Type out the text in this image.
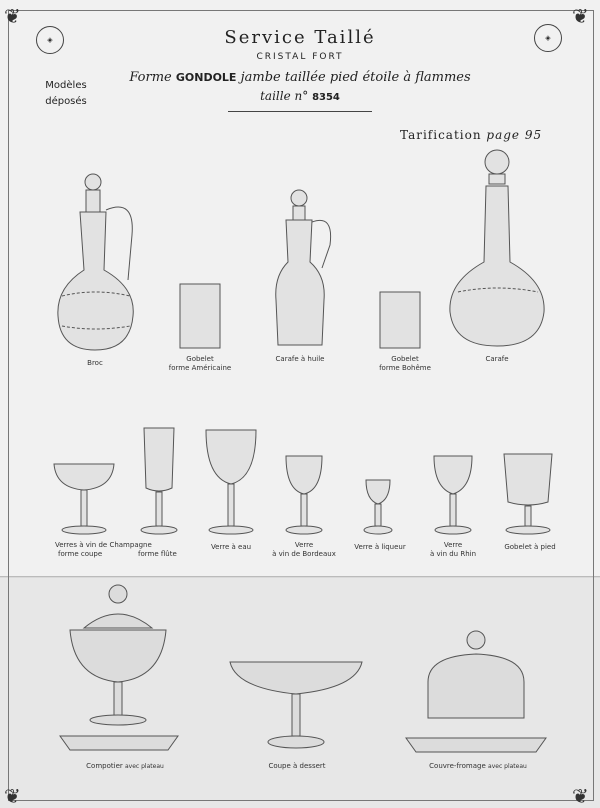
❦	❦
◈	◈
Service Taillé
CRISTAL FORT
Forme GONDOLE jambe taillée pied étoile à flammes
taille n° 8354
Modèles
déposés
Tarification page 95
Broc	Gobelet
forme Américaine
Carafe à huile	Gobelet
forme Bohême
Carafe
Verres à vin de Champagne
forme coupe	forme flûte
Verre à eau	Verre
à vin de Bordeaux
Verre à liqueur	Verre
à vin du Rhin
Gobelet à pied
❦	❦
Compotier avec plateau	Coupe à dessert	Couvre-fromage avec plateau
